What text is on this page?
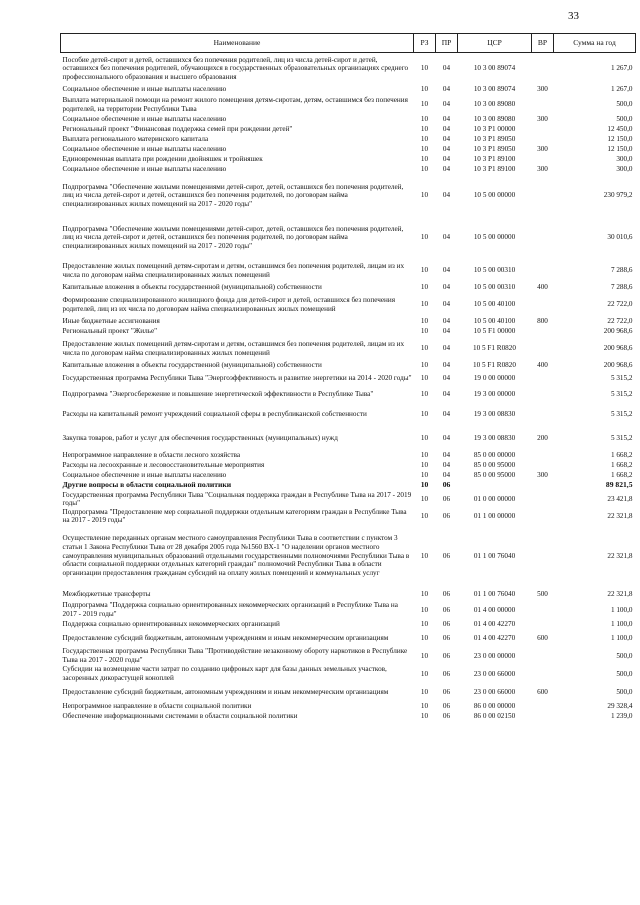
33
Наименование	РЗ	ПР	ЦСР	ВР	Сумма на год
Пособие детей-сирот и детей, оставшихся без попечения родителей, лиц из числа детей-сирот и детей, оставшихся без попечения родителей, обучающихся в государственных образовательных организациях среднего профессионального образования и высшего образования	10	04	10 3 00 89074		1 267,0
Социальное обеспечение и иные выплаты населению	10	04	10 3 00 89074	300	1 267,0
Выплата материальной помощи на ремонт жилого помещения детям-сиротам, детям, оставшимся без попечения родителей, на территории Республики Тыва	10	04	10 3 00 89080		500,0
Социальное обеспечение и иные выплаты населению	10	04	10 3 00 89080	300	500,0
Региональный проект "Финансовая поддержка семей при рождении детей"	10	04	10 3 P1 00000		12 450,0
Выплата регионального материнского капитала	10	04	10 3 P1 89050		12 150,0
Социальное обеспечение и иные выплаты населению	10	04	10 3 P1 89050	300	12 150,0
Единовременная выплата при рождении двойняшек и тройняшек	10	04	10 3 P1 89100		300,0
Социальное обеспечение и иные выплаты населению	10	04	10 3 P1 89100	300	300,0
Подпрограмма "Обеспечение жилыми помещениями детей-сирот, детей, оставшихся без попечения родителей, лиц из числа детей-сирот и детей, оставшихся без попечения родителей, по договорам найма специализированных жилых помещений на 2017 - 2020 годы"	10	04	10 5 00 00000		230 979,2
Подпрограмма "Обеспечение жилыми помещениями детей-сирот, детей, оставшихся без попечения родителей, лиц из числа детей-сирот и детей, оставшихся без попечения родителей, по договорам найма специализированных жилых помещений на 2017 - 2020 годы"	10	04	10 5 00 00000		30 010,6
Предоставление жилых помещений детям-сиротам и детям, оставшимся без попечения родителей, лицам из их числа по договорам найма специализированных жилых помещений	10	04	10 5 00 00310		7 288,6
Капитальные вложения в объекты государственной (муниципальной) собственности	10	04	10 5 00 00310	400	7 288,6
Формирование специализированного жилищного фонда для детей-сирот и детей, оставшихся без попечения родителей, лиц из их числа по договорам найма специализированных жилых помещений	10	04	10 5 00 40100		22 722,0
Иные бюджетные ассигнования	10	04	10 5 00 40100	800	22 722,0
Региональный проект "Жилье"	10	04	10 5 F1 00000		200 968,6
Предоставление жилых помещений детям-сиротам и детям, оставшимся без попечения родителей, лицам из их числа по договорам найма специализированных жилых помещений	10	04	10 5 F1 R0820		200 968,6
Капитальные вложения в объекты государственной (муниципальной) собственности	10	04	10 5 F1 R0820	400	200 968,6
Государственная программа Республики Тыва "Энергоэффективность и развитие энергетики на 2014 - 2020 годы"	10	04	19 0 00 00000		5 315,2
Подпрограмма "Энергосбережение и повышение энергетической эффективности в Республике Тыва"	10	04	19 3 00 00000		5 315,2
Расходы на капитальный ремонт учреждений социальной сферы в республиканской собственности	10	04	19 3 00 08830		5 315,2
Закупка товаров, работ и услуг для обеспечения государственных (муниципальных) нужд	10	04	19 3 00 08830	200	5 315,2
Непрограммное направление в области лесного хозяйства	10	04	85 0 00 00000		1 668,2
Расходы на лесоохранные и лесовосстановительные мероприятия	10	04	85 0 00 95000		1 668,2
Социальное обеспечение и иные выплаты населению	10	04	85 0 00 95000	300	1 668,2
Другие вопросы в области социальной политики	10	06			89 821,5
Государственная программа Республики Тыва "Социальная поддержка граждан в Республике Тыва на 2017 - 2019 годы"	10	06	01 0 00 00000		23 421,8
Подпрограмма "Предоставление мер социальной поддержки отдельным категориям граждан в Республике Тыва на 2017 - 2019 годы"	10	06	01 1 00 00000		22 321,8
Осуществление переданных органам местного самоуправления Республики Тыва в соответствии с пунктом 3 статьи 1 Закона Республики Тыва от 28 декабря 2005 года №1560 ВХ-1 "О наделении органов местного самоуправления муниципальных образований отдельными государственными полномочиями Республики Тыва в области социальной поддержки отдельных категорий граждан" полномочий Республики Тыва в области организации предоставления гражданам субсидий на оплату жилых помещений и коммунальных услуг	10	06	01 1 00 76040		22 321,8
Межбюджетные трансферты	10	06	01 1 00 76040	500	22 321,8
Подпрограмма "Поддержка социально ориентированных некоммерческих организаций в Республике Тыва на 2017 - 2019 годы"	10	06	01 4 00 00000		1 100,0
Поддержка социально ориентированных некоммерческих организаций	10	06	01 4 00 42270		1 100,0
Предоставление субсидий бюджетным, автономным учреждениям и иным некоммерческим организациям	10	06	01 4 00 42270	600	1 100,0
Государственная программа Республики Тыва "Противодействие незаконному обороту наркотиков в Республике Тыва на 2017 - 2020 годы"	10	06	23 0 00 00000		500,0
Субсидии на возмещение части затрат по созданию цифровых карт для базы данных земельных участков, засоренных дикорастущей коноплей	10	06	23 0 00 66000		500,0
Предоставление субсидий бюджетным, автономным учреждениям и иным некоммерческим организациям	10	06	23 0 00 66000	600	500,0
Непрограммное направление в области социальной политики	10	06	86 0 00 00000		29 328,4
Обеспечение информационными системами в области социальной политики	10	06	86 0 00 02150		1 239,0
